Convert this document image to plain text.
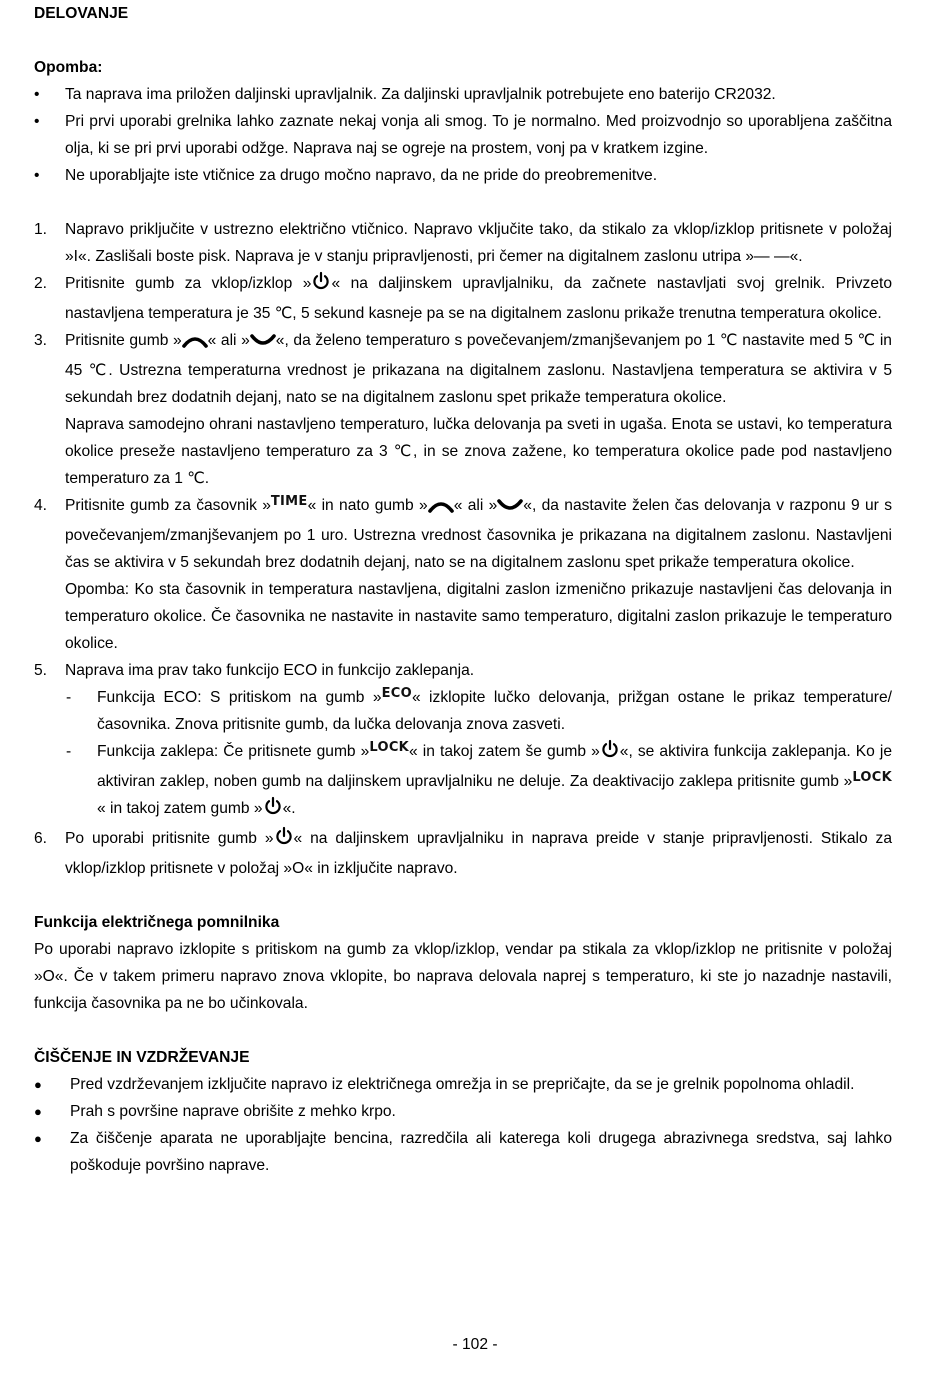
DELOVANJE

Opomba:

• Ta naprava ima priložen daljinski upravljalnik. Za daljinski upravljalnik potrebujete eno baterijo CR2032.
• Pri prvi uporabi grelnika lahko zaznate nekaj vonja ali smog. To je normalno. Med proizvodnjo so uporabljena zaščitna olja, ki se pri prvi uporabi odžge. Naprava naj se ogreje na prostem, vonj pa v kratkem izgine.
• Ne uporabljajte iste vtičnice za drugo močno napravo, da ne pride do preobremenitve.
1. Napravo priključite v ustrezno električno vtičnico. Napravo vključite tako, da stikalo za vklop/izklop pritisnete v položaj »I«. Zaslišali boste pisk. Naprava je v stanju pripravljenosti, pri čemer na digitalnem zaslonu utripa »— —«.
2. Pritisnite gumb za vklop/izklop » « na daljinskem upravljalniku, da začnete nastavljati svoj grelnik. Privzeto nastavljena temperatura je 35 ℃, 5 sekund kasneje pa se na digitalnem zaslonu prikaže trenutna temperatura okolice.
3. Pritisnite gumb » « ali » «, da želeno temperaturo s povečevanjem/zmanjševanjem po 1 ℃ nastavite med 5 ℃ in 45 ℃. Ustrezna temperaturna vrednost je prikazana na digitalnem zaslonu. Nastavljena temperatura se aktivira v 5 sekundah brez dodatnih dejanj, nato se na digitalnem zaslonu spet prikaže temperatura okolice.

Naprava samodejno ohrani nastavljeno temperaturo, lučka delovanja pa sveti in ugaša. Enota se ustavi, ko temperatura okolice preseže nastavljeno temperaturo za 3 ℃, in se znova zažene, ko temperatura okolice pade pod nastavljeno temperaturo za 1 ℃.

4. Pritisnite gumb za časovnik »TIME« in nato gumb » « ali » «, da nastavite želen čas delovanja v razponu 9 ur s povečevanjem/zmanjševanjem po 1 uro. Ustrezna vrednost časovnika je prikazana na digitalnem zaslonu. Nastavljeni čas se aktivira v 5 sekundah brez dodatnih dejanj, nato se na digitalnem zaslonu spet prikaže temperatura okolice.

Opomba: Ko sta časovnik in temperatura nastavljena, digitalni zaslon izmenično prikazuje nastavljeni čas delovanja in temperaturo okolice. Če časovnika ne nastavite in nastavite samo temperaturo, digitalni zaslon prikazuje le temperaturo okolice.

5. Naprava ima prav tako funkcijo ECO in funkcijo zaklepanja.
- Funkcija ECO: S pritiskom na gumb »ECO« izklopite lučko delovanja, prižgan ostane le prikaz temperature/časovnika. Znova pritisnite gumb, da lučka delovanja znova zasveti.
- Funkcija zaklepa: Če pritisnete gumb »LOCK« in takoj zatem še gumb » «, se aktivira funkcija zaklepanja. Ko je aktiviran zaklep, noben gumb na daljinskem upravljalniku ne deluje. Za deaktivacijo zaklepa pritisnite gumb »LOCK« in takoj zatem gumb » «.
6. Po uporabi pritisnite gumb » « na daljinskem upravljalniku in naprava preide v stanje pripravljenosti. Stikalo za vklop/izklop pritisnete v položaj »O« in izključite napravo.

Funkcija električnega pomnilnika

Po uporabi napravo izklopite s pritiskom na gumb za vklop/izklop, vendar pa stikala za vklop/izklop ne pritisnite v položaj »O«. Če v takem primeru napravo znova vklopite, bo naprava delovala naprej s temperaturo, ki ste jo nazadnje nastavili, funkcija časovnika pa ne bo učinkovala.

ČIŠČENJE IN VZDRŽEVANJE

● Pred vzdrževanjem izključite napravo iz električnega omrežja in se prepričajte, da se je grelnik popolnoma ohladil.
● Prah s površine naprave obrišite z mehko krpo.
● Za čiščenje aparata ne uporabljajte bencina, razredčila ali katerega koli drugega abrazivnega sredstva, saj lahko poškoduje površino naprave.
- 102 -
